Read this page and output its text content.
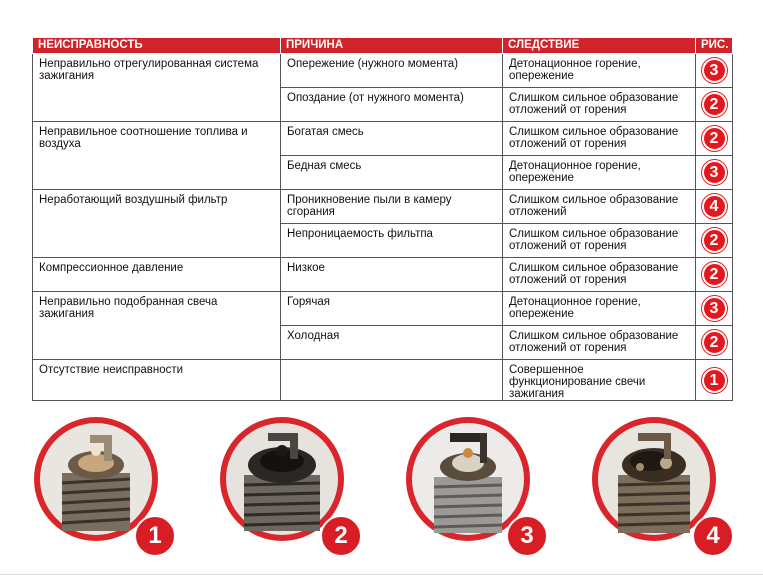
НЕИСПРАВНОСТЬ	ПРИЧИНА	СЛЕДСТВИЕ	РИС.
Неправильно отрегулированная система зажигания	Опережение (нужного момента)	Детонационное горение, опережение	3
	Опоздание (от нужного момента)	Слишком сильное образование отложений от горения	2
Неправильное соотношение топлива и воздуха	Богатая смесь	Слишком сильное образование отложений от горения	2
	Бедная смесь	Детонационное горение, опережение	3
Неработающий воздушный фильтр	Проникновение пыли в камеру сгорания	Слишком сильное образование отложений	4
	Непроницаемость фильтпа	Слишком сильное образование отложений от горения	2
Компрессионное давление	Низкое	Слишком сильное образование отложений от горения	2
Неправильно подобранная свеча зажигания	Горячая	Детонационное горение, опережение	3
	Холодная	Слишком сильное образование отложений от горения	2
Отсутствие неисправности		Совершенное функционирование свечи зажигания	1
1	2	3	4
